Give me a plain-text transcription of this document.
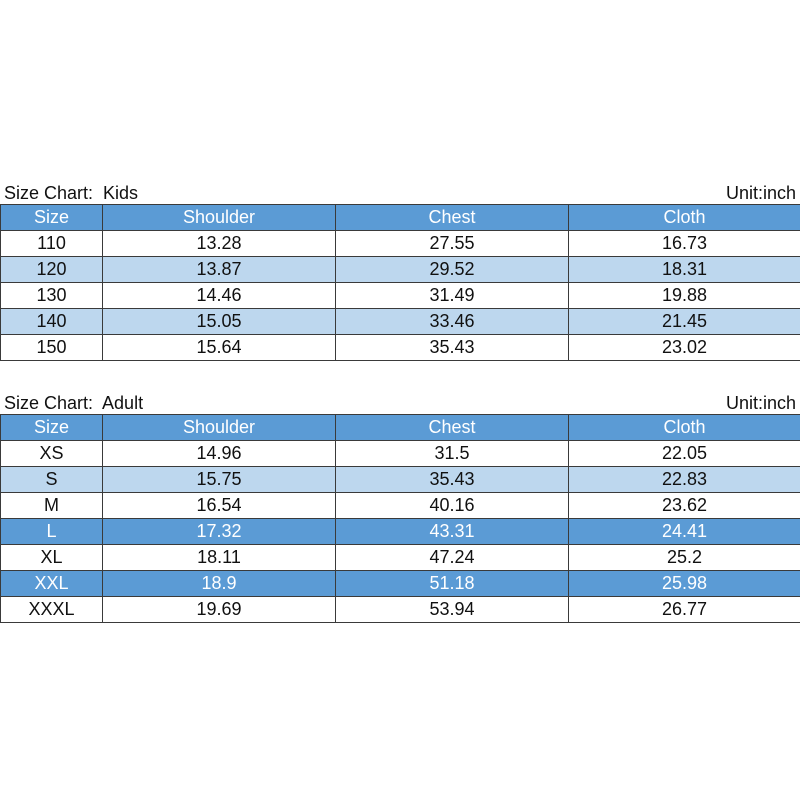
Size Chart:  Kids	Unit:inch
Size	Shoulder	Chest	Cloth
110	13.28	27.55	16.73
120	13.87	29.52	18.31
130	14.46	31.49	19.88
140	15.05	33.46	21.45
150	15.64	35.43	23.02
Size Chart:  Adult	Unit:inch
Size	Shoulder	Chest	Cloth
XS	14.96	31.5	22.05
S	15.75	35.43	22.83
M	16.54	40.16	23.62
L	17.32	43.31	24.41
XL	18.11	47.24	25.2
XXL	18.9	51.18	25.98
XXXL	19.69	53.94	26.77
